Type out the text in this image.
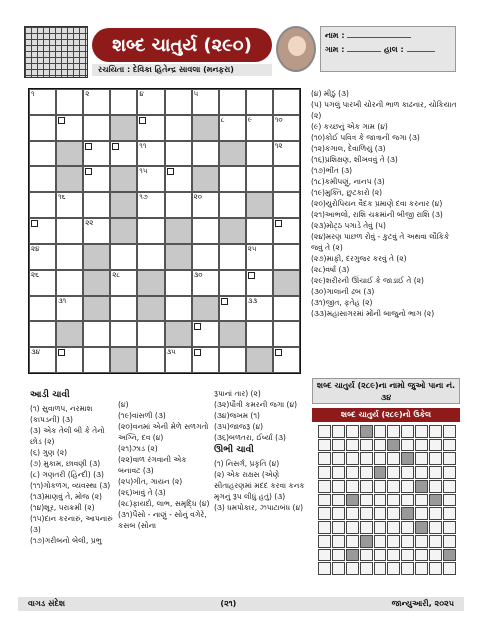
શબ્દ ચાતુર્ય (૨૯૦)
રચયિતા : દેવિકા હિતેન્દ્ર સાવલા (મનફરા)
નામ :
ગામ :	હાલ :
૧	૨	૪	૫
૮	૯	૧૦
૧૧	૧૨
૧૫
૧૬	૧૭	૨૦
૨૨
૨૪	૨૫
૨૬	૨૮	૩૦
૩૧	૩૩
૩૪	૩૫

(૪) મીઠું (૩)

(૫) પગલું પારખી ચોરની ભાળ કાઢનાર, ચોકિયાત (૨)

(૯) કચ્છનું એક ગામ (૪)

(૧૦)કોઈ પવિત્ર કે જાત્રાની જગા (૩)

(૧૨)કંગાલ, દેવાળિયું (૩)

(૧૬)પ્રશિક્ષણ, શીખવવું તે (૩)

(૧૭)ભીંત (૩)

(૧૮)કમીપણું, નાનપ (૩)

(૧૯)મુક્તિ, છુટકારો (૨)

(૨૦)યુરોપિયન વૈદક પ્રમાણે દવા કરનાર (૪)

(૨૧)આભલો, રાશિ ચક્રમાંની બીજી રાશિ (૩)

(૨૩)મોટ્ઠ પગાડે તેવું (પ)

(૨૪)મરણ પાછળ રોવું - કુટવું તે અથવા લૌકિકે જવું તે (૨)

(૨૭)માફી, દરગુજર કરવું તે (૨)

(૨૮)વર્ષા (૩)

(૨૯)શરીરની ઊંચાઈ કે જાડાઈ તે (૨)

(૩૦)ગાલાની ઢબ (૩)

(૩૧)જીત, ફતેહ (૨)

(૩૩)મહાસાગરમાં મોંની બાજુનો ભાગ (૨)

આડી ચાવી

(૧) સુવાળપ, નરમાશ (કાપડની) (૩)

(૩) એક તેલી બી કે તેનો છોડ (૨)

(૬) ગુણ (૨)

(૭) મુકામ, છાવણી (૩)

(૮) ગણતરી (હિન્દી) (૩)

(૧૧)ગોકળગ, વ્યવસ્થા (૩)

(૧૩)માણવું તે, મોજ (૨)

(૧૪)શૂર, પરાક્રમી (૨)

(૧૫)દાન કરનારું, આપનારું (૩)

(૧૭)ગરીબનો બેલી, પ્રભુ

(૪)

(૧૯)વાંસળી (૩)

(૨૦)વનમાં એની મેળે સળગતો અગ્નિ, દવ (૪)

(૨૧)ઝાડ (૨)

(૨૨)વાળ રંગવાની એક બનાવટ (૩)

(૨૫)ગીત, ગાયન (૨)

(૨૬)ખાવું તે (૩)

(૨૮)ફાયદો, લાભ, સમૃદ્ધિ (૪)

(૩૧)પૈસો - નાણું - સોનું વગેરે, કસબ (સોના

રૂપાનાં તાર) (૨)

(૩૨)પૌત્રી કમરની જગા (૪)

(૩૪)જખમ (૧)

(૩૫)જાજરૂ (૪)

(૩૬)બળતરા, ઈર્ષ્યા (૩)

ઊભી ચાવી

(૧) નિસર્ગ, પ્રકૃતિ (૪)

(૨) એક રાક્ષસ (એણે સીતાહરણમાં મદદ કરવા કનક મૃગનું રૂપ લીધું હતું) (૩)

(૩) ધમપોકાર, ઝપાટાબંધ (૪)

શબ્દ ચાતુર્ય (૨૮૯)ના નામો જુઓ પાના નં. ૩૪
શબ્દ ચાતુર્ય (૨૮૯)નો ઉકેલ
વાગડ સંદેશ	(૨૧)	જાન્યુઆરી, ૨૦૨૫
